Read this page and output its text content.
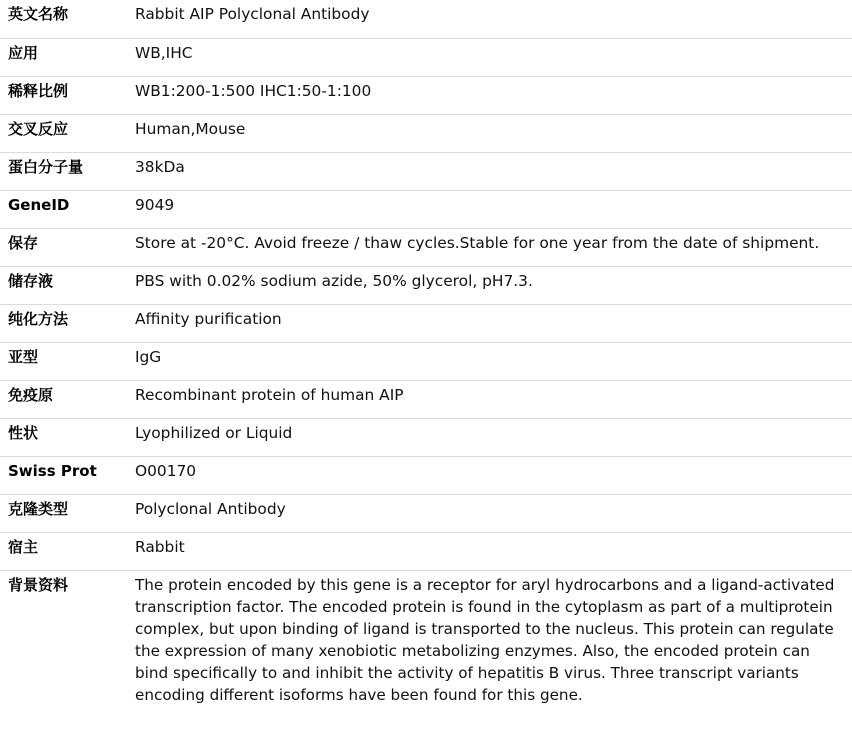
英文名称	Rabbit AIP Polyclonal Antibody
应用	WB,IHC
稀释比例	WB1:200-1:500 IHC1:50-1:100
交叉反应	Human,Mouse
蛋白分子量	38kDa
GeneID	9049
保存	Store at -20°C. Avoid freeze / thaw cycles.Stable for one year from the date of shipment.
储存液	PBS with 0.02% sodium azide, 50% glycerol, pH7.3.
纯化方法	Affinity purification
亚型	IgG
免疫原	Recombinant protein of human AIP
性状	Lyophilized or Liquid
Swiss Prot	O00170
克隆类型	Polyclonal Antibody
宿主	Rabbit
背景资料	The protein encoded by this gene is a receptor for aryl hydrocarbons and a ligand-activated transcription factor. The encoded protein is found in the cytoplasm as part of a multiprotein complex, but upon binding of ligand is transported to the nucleus. This protein can regulate the expression of many xenobiotic metabolizing enzymes. Also, the encoded protein can bind specifically to and inhibit the activity of hepatitis B virus. Three transcript variants encoding different isoforms have been found for this gene.
